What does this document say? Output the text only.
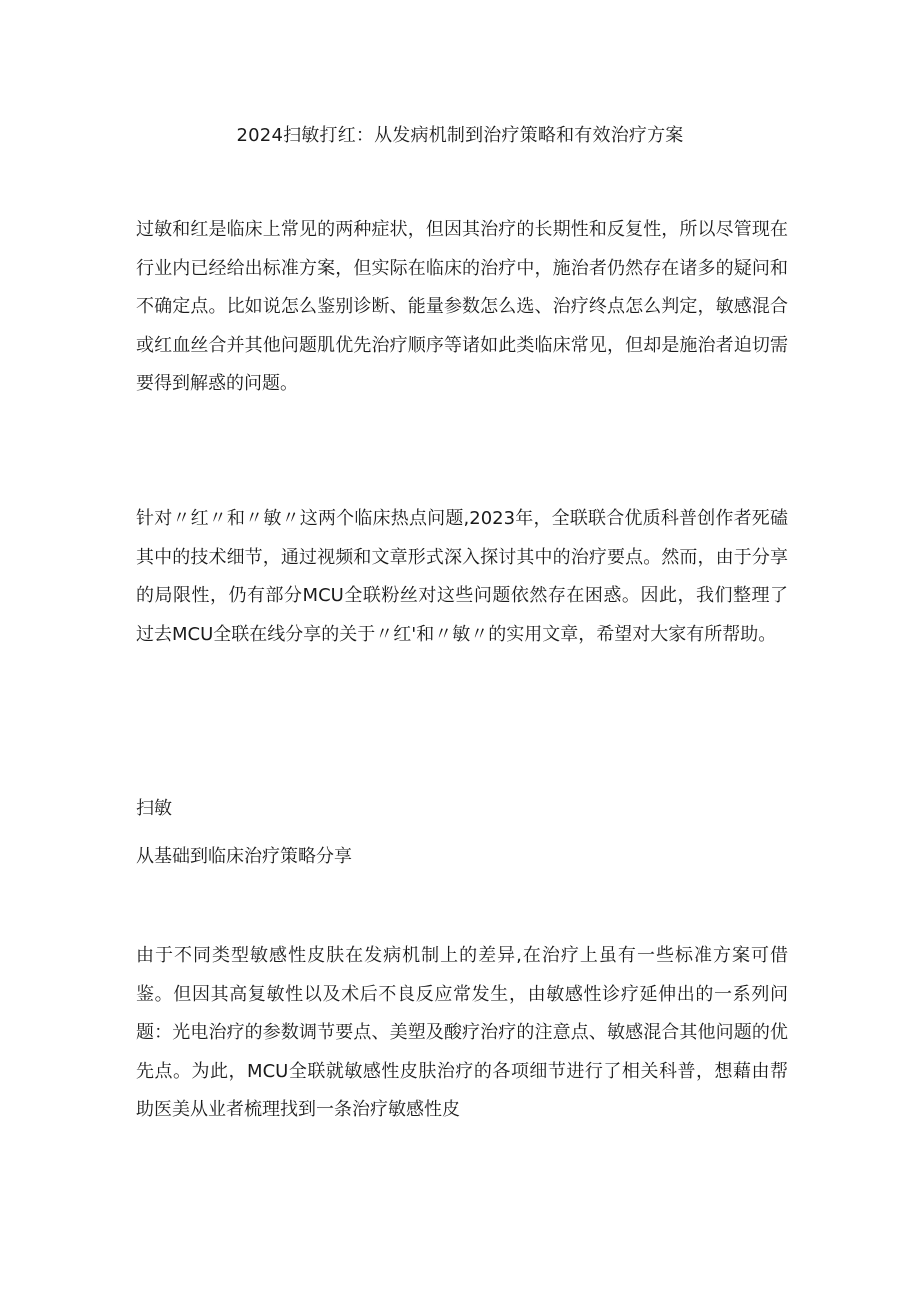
2024扫敏打红：从发病机制到治疗策略和有效治疗方案

过敏和红是临床上常见的两种症状，但因其治疗的长期性和反复性，所以尽管现在行业内已经给出标准方案，但实际在临床的治疗中，施治者仍然存在诸多的疑问和不确定点。比如说怎么鉴别诊断、能量参数怎么选、治疗终点怎么判定，敏感混合或红血丝合并其他问题肌优先治疗顺序等诸如此类临床常见，但却是施治者迫切需要得到解惑的问题。

针对〃红〃和〃敏〃这两个临床热点问题,2023年，全联联合优质科普创作者死磕其中的技术细节，通过视频和文章形式深入探讨其中的治疗要点。然而，由于分享的局限性，仍有部分MCU全联粉丝对这些问题依然存在困惑。因此，我们整理了过去MCU全联在线分享的关于〃红'和〃敏〃的实用文章，希望对大家有所帮助。

扫敏

从基础到临床治疗策略分享

由于不同类型敏感性皮肤在发病机制上的差异,在治疗上虽有一些标准方案可借鉴。但因其高复敏性以及术后不良反应常发生，由敏感性诊疗延伸出的一系列问题：光电治疗的参数调节要点、美塑及酸疗治疗的注意点、敏感混合其他问题的优先点。为此，MCU全联就敏感性皮肤治疗的各项细节进行了相关科普，想藉由帮助医美从业者梳理找到一条治疗敏感性皮
